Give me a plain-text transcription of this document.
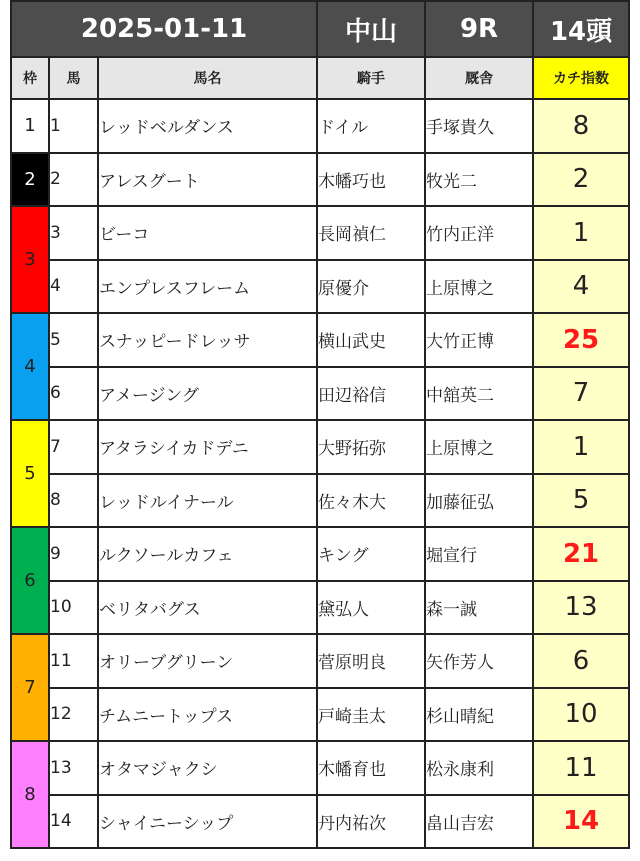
2025-01-11			中山	9R	14頭
枠	馬	馬名	騎手	厩舎	カチ指数
1	1	レッドベルダンス	ドイル	手塚貴久	8
2	2	アレスグート	木幡巧也	牧光二	2
3	3	ビーコ	長岡禎仁	竹内正洋	1
	4	エンプレスフレーム	原優介	上原博之	4
4	5	スナッピードレッサ	横山武史	大竹正博	25
	6	アメージング	田辺裕信	中舘英二	7
5	7	アタラシイカドデニ	大野拓弥	上原博之	1
	8	レッドルイナール	佐々木大	加藤征弘	5
6	9	ルクソールカフェ	キング	堀宣行	21
	10	ベリタバグス	黛弘人	森一誠	13
7	11	オリーブグリーン	菅原明良	矢作芳人	6
	12	チムニートップス	戸崎圭太	杉山晴紀	10
8	13	オタマジャクシ	木幡育也	松永康利	11
	14	シャイニーシップ	丹内祐次	畠山吉宏	14
